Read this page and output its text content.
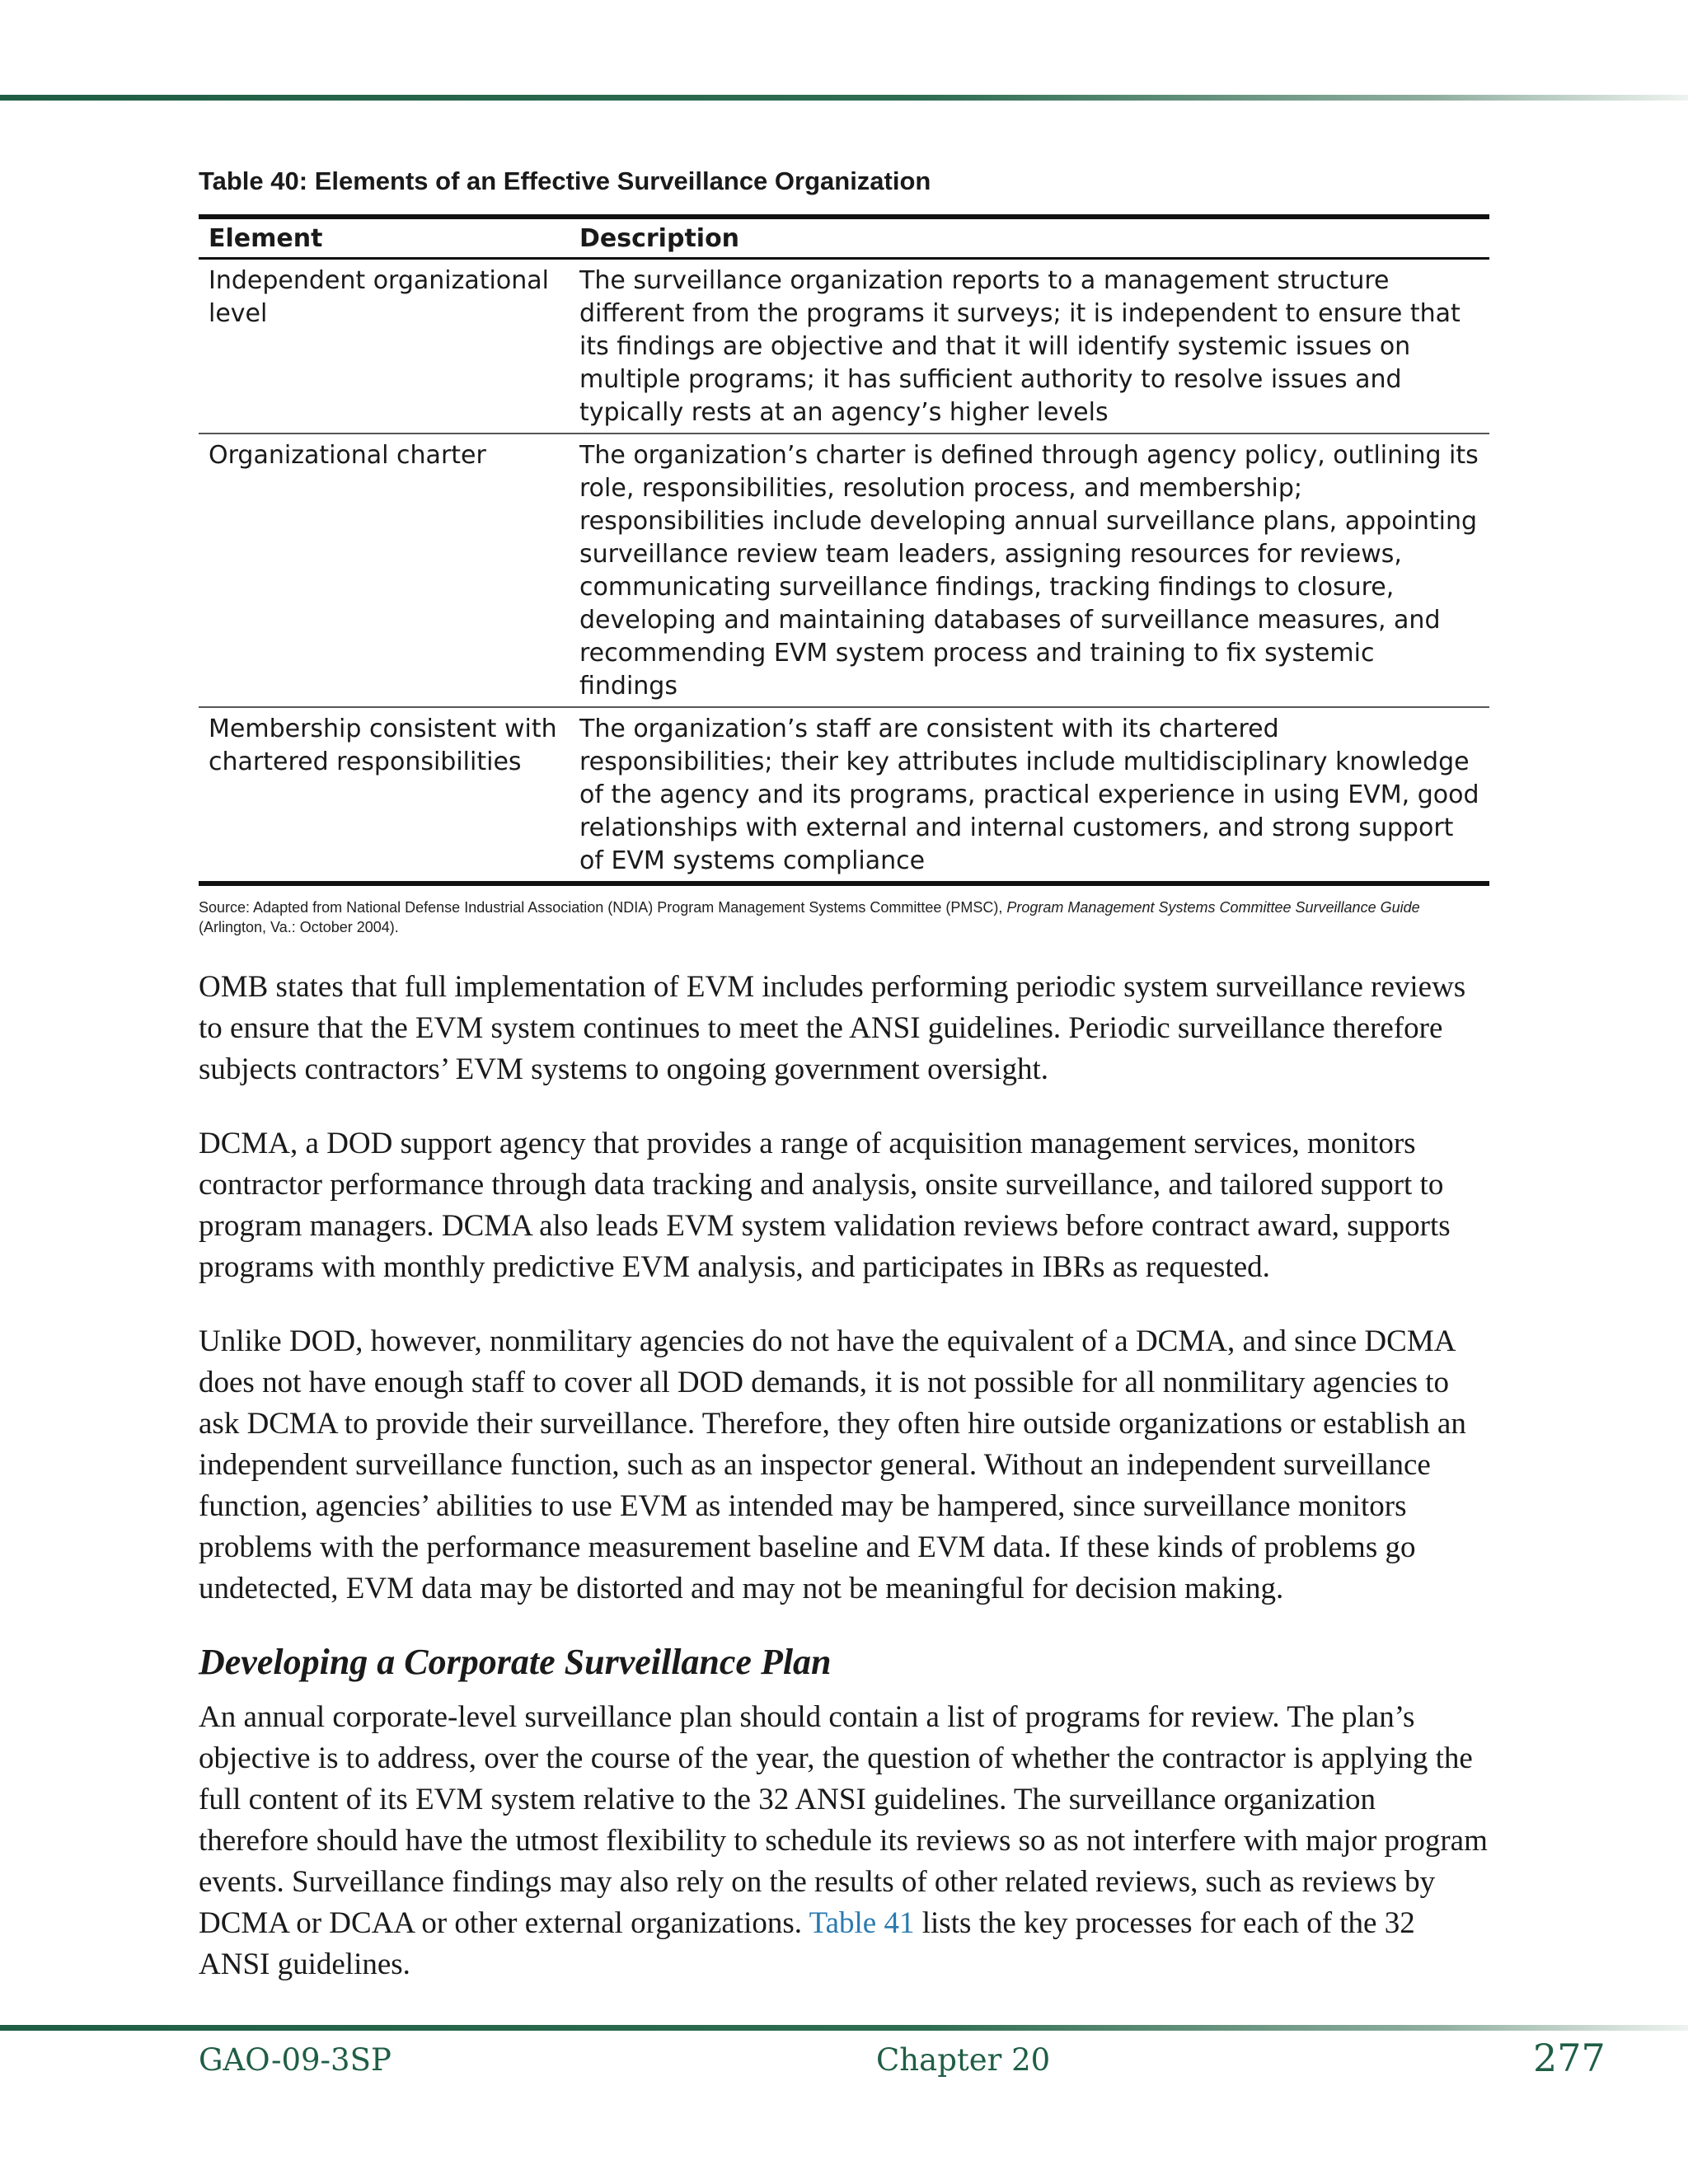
Table 40: Elements of an Effective Surveillance Organization
Element	Description
Independent organizational level	The surveillance organization reports to a management structure different from the programs it surveys; it is independent to ensure that its findings are objective and that it will identify systemic issues on multiple programs; it has sufficient authority to resolve issues and typically rests at an agency’s higher levels
Organizational charter	The organization’s charter is defined through agency policy, outlining its role, responsibilities, resolution process, and membership; responsibilities include developing annual surveillance plans, appointing surveillance review team leaders, assigning resources for reviews, communicating surveillance findings, tracking findings to closure, developing and maintaining databases of surveillance measures, and recommending EVM system process and training to fix systemic findings
Membership consistent with chartered responsibilities	The organization’s staff are consistent with its chartered responsibilities; their key attributes include multidisciplinary knowledge of the agency and its programs, practical experience in using EVM, good relationships with external and internal customers, and strong support of EVM systems compliance

Source: Adapted from National Defense Industrial Association (NDIA) Program Management Systems Committee (PMSC), Program Management Systems Committee Surveillance Guide (Arlington, Va.: October 2004).

OMB states that full implementation of EVM includes performing periodic system surveillance reviews to ensure that the EVM system continues to meet the ANSI guidelines. Periodic surveillance therefore subjects contractors’ EVM systems to ongoing government oversight.

DCMA, a DOD support agency that provides a range of acquisition management services, monitors contractor performance through data tracking and analysis, onsite surveillance, and tailored support to program managers. DCMA also leads EVM system validation reviews before contract award, supports programs with monthly predictive EVM analysis, and participates in IBRs as requested.

Unlike DOD, however, nonmilitary agencies do not have the equivalent of a DCMA, and since DCMA does not have enough staff to cover all DOD demands, it is not possible for all nonmilitary agencies to ask DCMA to provide their surveillance. Therefore, they often hire outside organizations or establish an independent surveillance function, such as an inspector general. Without an independent surveillance function, agencies’ abilities to use EVM as intended may be hampered, since surveillance monitors problems with the performance measurement baseline and EVM data. If these kinds of problems go undetected, EVM data may be distorted and may not be meaningful for decision making.

Developing a Corporate Surveillance Plan

An annual corporate-level surveillance plan should contain a list of programs for review. The plan’s objective is to address, over the course of the year, the question of whether the contractor is applying the full content of its EVM system relative to the 32 ANSI guidelines. The surveillance organization therefore should have the utmost flexibility to schedule its reviews so as not interfere with major program events. Surveillance findings may also rely on the results of other related reviews, such as reviews by DCMA or DCAA or other external organizations. Table 41 lists the key processes for each of the 32 ANSI guidelines.

GAO-09-3SP	Chapter 20	277
